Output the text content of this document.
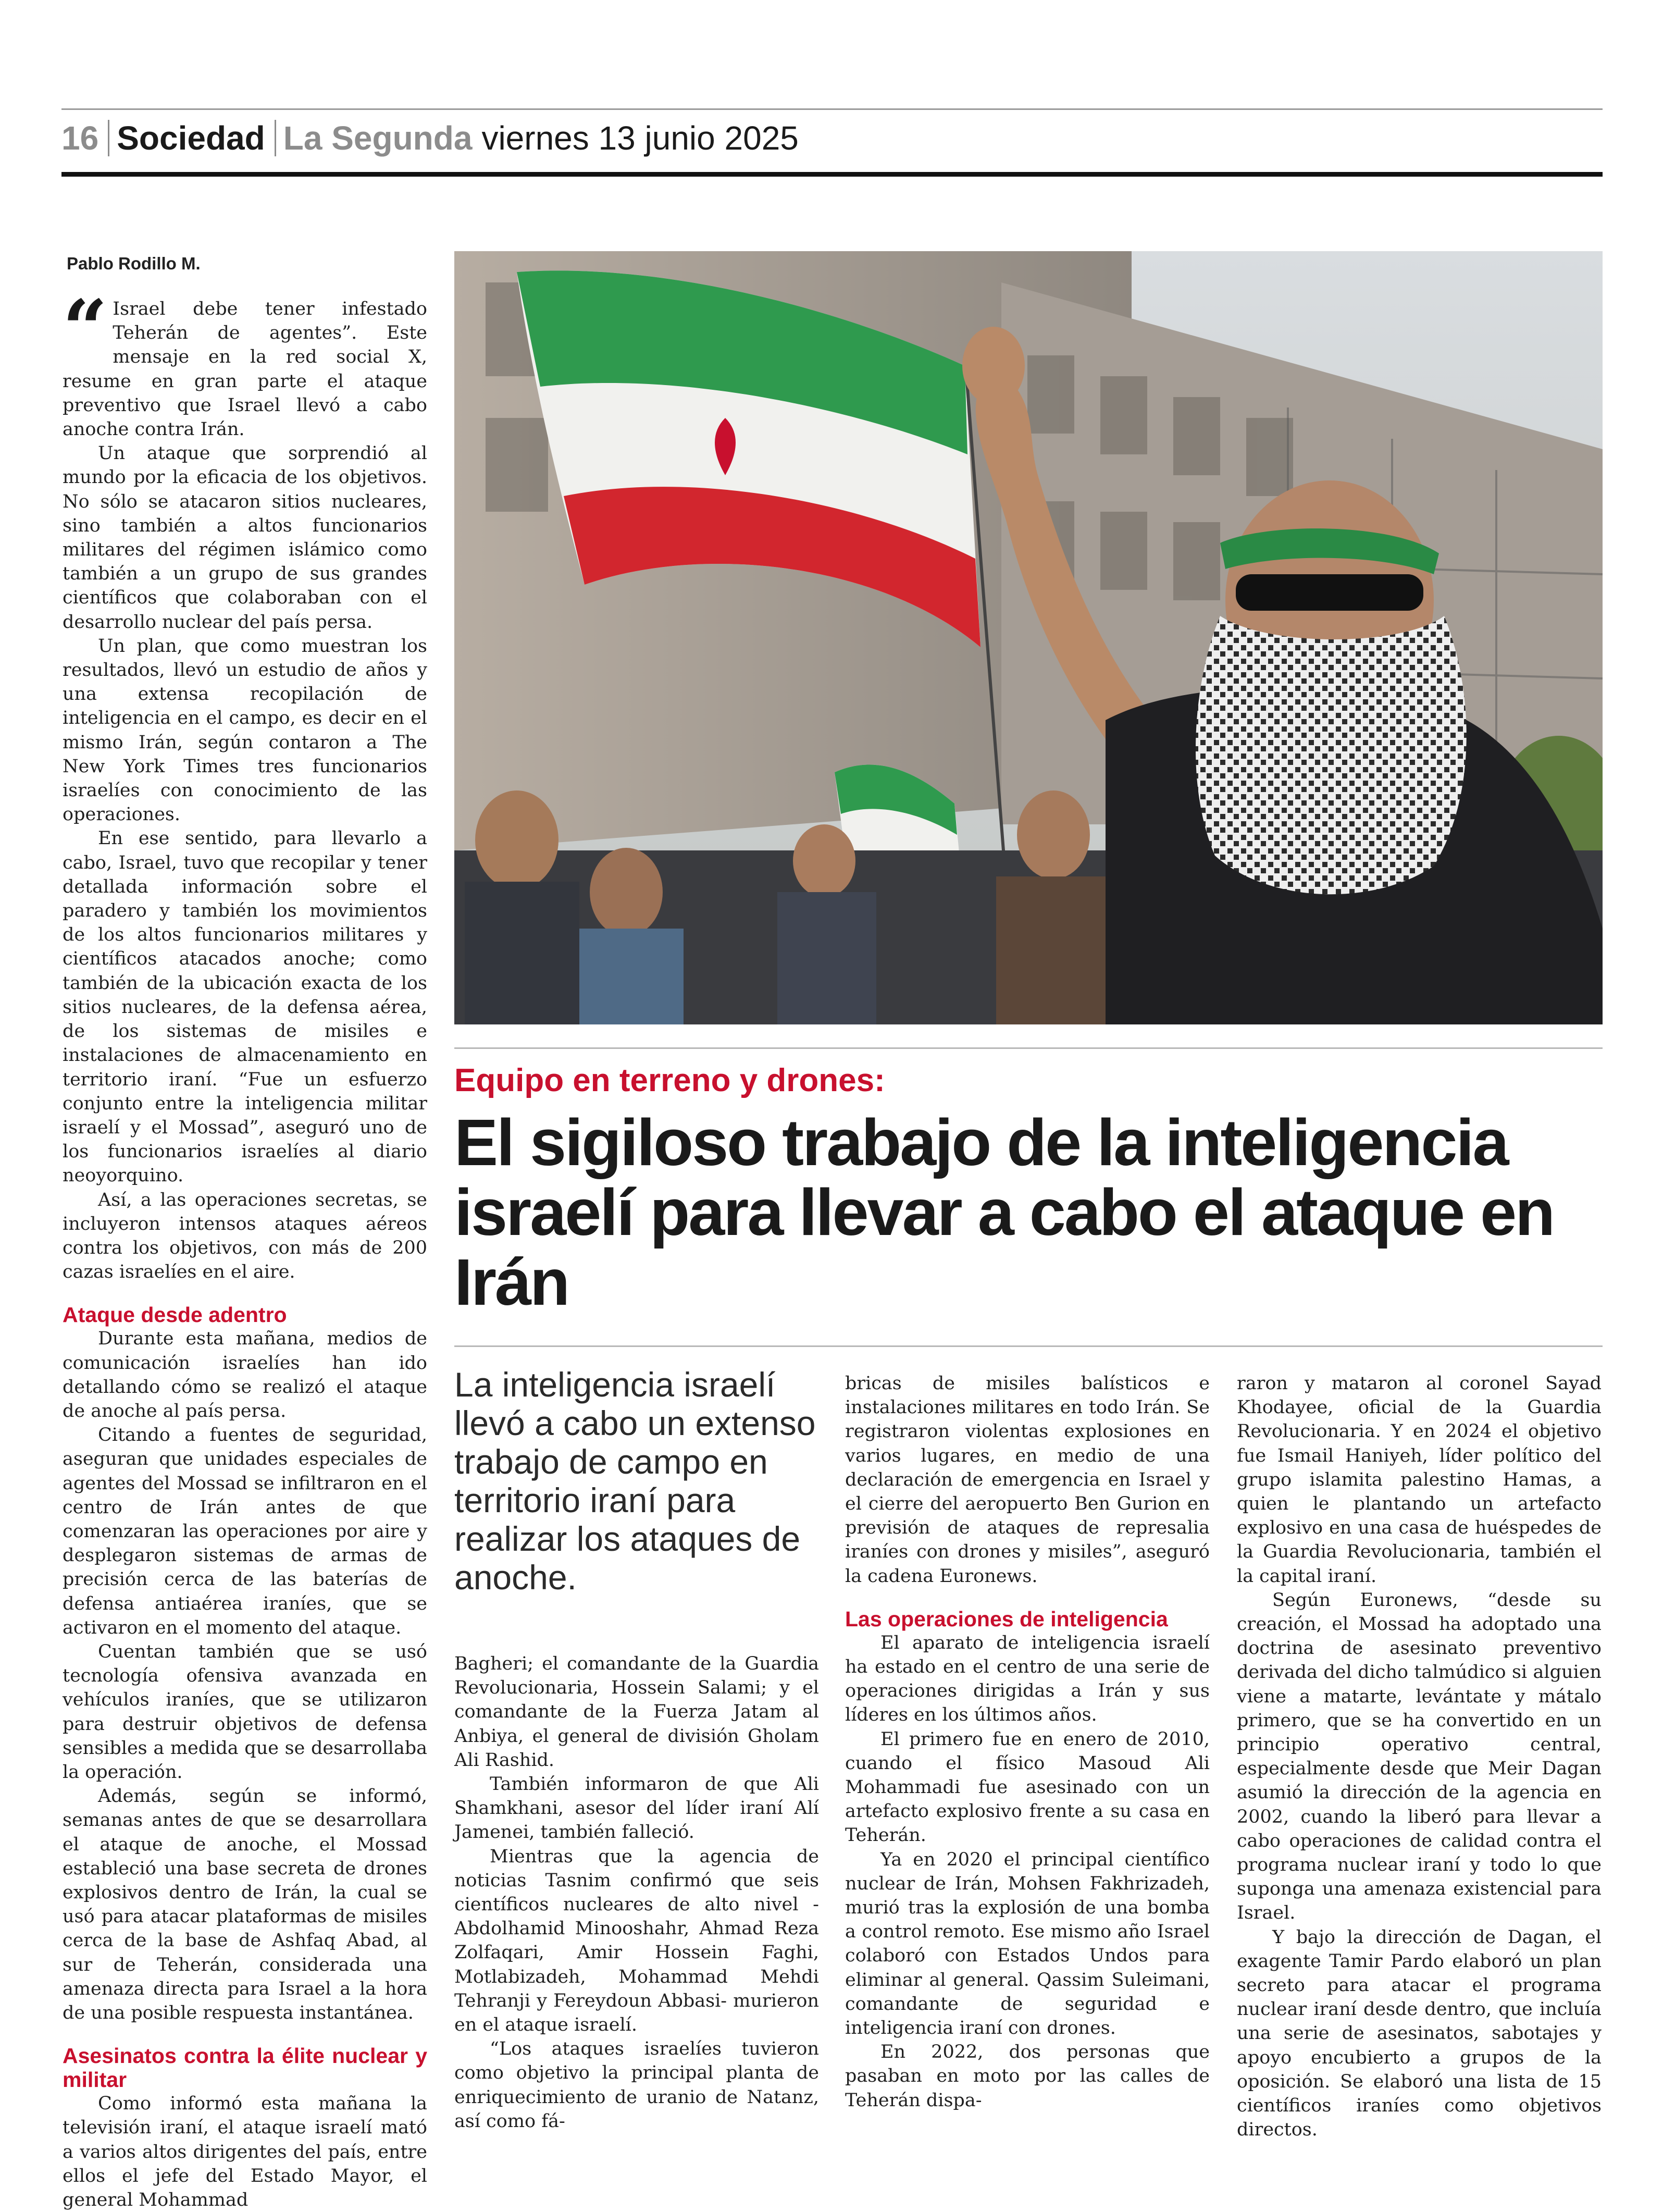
16 Sociedad La Segunda viernes 13 junio 2025
Pablo Rodillo M.

“ Israel debe tener infestado Teherán de agentes”. Este mensaje en la red social X, resume en gran parte el ataque preventivo que Israel llevó a cabo anoche contra Irán.

Un ataque que sorprendió al mundo por la eficacia de los objetivos. No sólo se atacaron sitios nucleares, sino también a altos funcionarios militares del régimen islámico como también a un grupo de sus grandes científicos que colaboraban con el desarrollo nuclear del país persa.

Un plan, que como muestran los resultados, llevó un estudio de años y una extensa recopilación de inteligencia en el campo, es decir en el mismo Irán, según contaron a The New York Times tres funcionarios israelíes con conocimiento de las operaciones.

En ese sentido, para llevarlo a cabo, Israel, tuvo que recopilar y tener detallada información sobre el paradero y también los movimientos de los altos funcionarios militares y científicos atacados anoche; como también de la ubicación exacta de los sitios nucleares, de la defensa aérea, de los sistemas de misiles e instalaciones de almacenamiento en territorio iraní. “Fue un esfuerzo conjunto entre la inteligencia militar israelí y el Mossad”, aseguró uno de los funcionarios israelíes al diario neoyorquino.

Así, a las operaciones secretas, se incluyeron intensos ataques aéreos contra los objetivos, con más de 200 cazas israelíes en el aire.

Ataque desde adentro

Durante esta mañana, medios de comunicación israelíes han ido detallando cómo se realizó el ataque de anoche al país persa.

Citando a fuentes de seguridad, aseguran que unidades especiales de agentes del Mossad se infiltraron en el centro de Irán antes de que comenzaran las operaciones por aire y desplegaron sistemas de armas de precisión cerca de las baterías de defensa antiaérea iraníes, que se activaron en el momento del ataque.

Cuentan también que se usó tecnología ofensiva avanzada en vehículos iraníes, que se utilizaron para destruir objetivos de defensa sensibles a medida que se desarrollaba la operación.

Además, según se informó, semanas antes de que se desarrollara el ataque de anoche, el Mossad estableció una base secreta de drones explosivos dentro de Irán, la cual se usó para atacar plataformas de misiles cerca de la base de Ashfaq Abad, al sur de Teherán, considerada una amenaza directa para Israel a la hora de una posible respuesta instantánea.

Asesinatos contra la élite nuclear y militar

Como informó esta mañana la televisión iraní, el ataque israelí mató a varios altos dirigentes del país, entre ellos el jefe del Estado Mayor, el general Mohammad

Equipo en terreno y drones:
El sigiloso trabajo de la inteligencia israelí para llevar a cabo el ataque en Irán

La inteligencia israelí llevó a cabo un extenso trabajo de campo en territorio iraní para realizar los ataques de anoche.

Bagheri; el comandante de la Guardia Revolucionaria, Hossein Salami; y el comandante de la Fuerza Jatam al Anbiya, el general de división Gholam Ali Rashid.

También informaron de que Ali Shamkhani, asesor del líder iraní Alí Jamenei, también falleció.

Mientras que la agencia de noticias Tasnim confirmó que seis científicos nucleares de alto nivel -Abdolhamid Minooshahr, Ahmad Reza Zolfaqari, Amir Hossein Faghi, Motlabizadeh, Mohammad Mehdi Tehranji y Fereydoun Abbasi- murieron en el ataque israelí.

“Los ataques israelíes tuvieron como objetivo la principal planta de enriquecimiento de uranio de Natanz, así como fá-

bricas de misiles balísticos e instalaciones militares en todo Irán. Se registraron violentas explosiones en varios lugares, en medio de una declaración de emergencia en Israel y el cierre del aeropuerto Ben Gurion en previsión de ataques de represalia iraníes con drones y misiles”, aseguró la cadena Euronews.

Las operaciones de inteligencia

El aparato de inteligencia israelí ha estado en el centro de una serie de operaciones dirigidas a Irán y sus líderes en los últimos años.

El primero fue en enero de 2010, cuando el físico Masoud Ali Mohammadi fue asesinado con un artefacto explosivo frente a su casa en Teherán.

Ya en 2020 el principal científico nuclear de Irán, Mohsen Fakhrizadeh, murió tras la explosión de una bomba a control remoto. Ese mismo año Israel colaboró con Estados Undos para eliminar al general. Qassim Suleimani, comandante de seguridad e inteligencia iraní con drones.

En 2022, dos personas que pasaban en moto por las calles de Teherán dispa-

raron y mataron al coronel Sayad Khodayee, oficial de la Guardia Revolucionaria. Y en 2024 el objetivo fue Ismail Haniyeh, líder político del grupo islamita palestino Hamas, a quien le plantando un artefacto explosivo en una casa de huéspedes de la Guardia Revolucionaria, también el la capital iraní.

Según Euronews, “desde su creación, el Mossad ha adoptado una doctrina de asesinato preventivo derivada del dicho talmúdico si alguien viene a matarte, levántate y mátalo primero, que se ha convertido en un principio operativo central, especialmente desde que Meir Dagan asumió la dirección de la agencia en 2002, cuando la liberó para llevar a cabo operaciones de calidad contra el programa nuclear iraní y todo lo que suponga una amenaza existencial para Israel.

Y bajo la dirección de Dagan, el exagente Tamir Pardo elaboró un plan secreto para atacar el programa nuclear iraní desde dentro, que incluía una serie de asesinatos, sabotajes y apoyo encubierto a grupos de la oposición. Se elaboró una lista de 15 científicos iraníes como objetivos directos.
